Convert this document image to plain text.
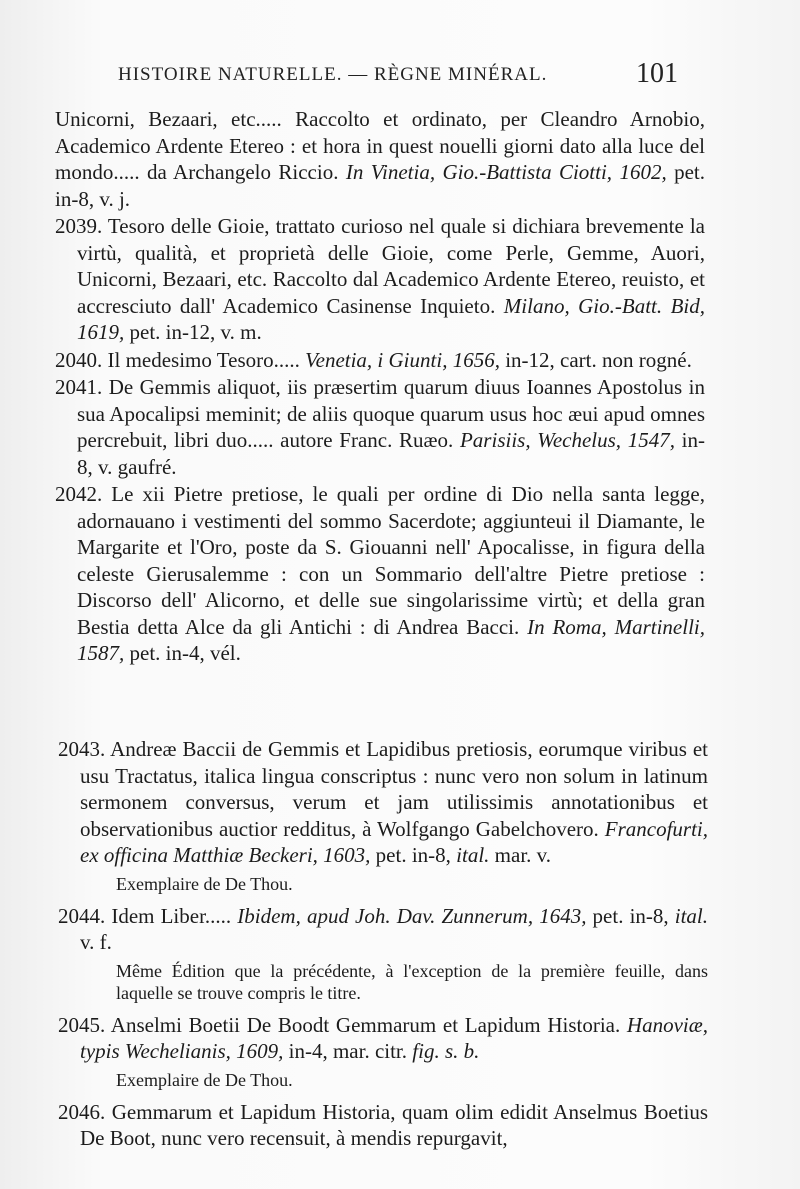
HISTOIRE NATURELLE. — RÈGNE MINÉRAL.	101

Unicorni, Bezaari, etc..... Raccolto et ordinato, per Cleandro Arnobio, Academico Ardente Etereo : et hora in quest nouelli giorni dato alla luce del mondo..... da Archangelo Riccio. In Vinetia, Gio.-Battista Ciotti, 1602, pet. in-8, v. j.

2039. Tesoro delle Gioie, trattato curioso nel quale si dichiara brevemente la virtù, qualità, et proprietà delle Gioie, come Perle, Gemme, Auori, Unicorni, Bezaari, etc. Raccolto dal Academico Ardente Etereo, reuisto, et accresciuto dall' Academico Casinense Inquieto. Milano, Gio.-Batt. Bid, 1619, pet. in-12, v. m.

2040. Il medesimo Tesoro..... Venetia, i Giunti, 1656, in-12, cart. non rogné.

2041. De Gemmis aliquot, iis præsertim quarum diuus Ioannes Apostolus in sua Apocalipsi meminit; de aliis quoque quarum usus hoc æui apud omnes percrebuit, libri duo..... autore Franc. Ruæo. Parisiis, Wechelus, 1547, in-8, v. gaufré.

2042. Le xii Pietre pretiose, le quali per ordine di Dio nella santa legge, adornauano i vestimenti del sommo Sacerdote; aggiunteui il Diamante, le Margarite et l'Oro, poste da S. Giouanni nell' Apocalisse, in figura della celeste Gierusalemme : con un Sommario dell'altre Pietre pretiose : Discorso dell' Alicorno, et delle sue singolarissime virtù; et della gran Bestia detta Alce da gli Antichi : di Andrea Bacci. In Roma, Martinelli, 1587, pet. in-4, vél.

2043. Andreæ Baccii de Gemmis et Lapidibus pretiosis, eorumque viribus et usu Tractatus, italica lingua conscriptus : nunc vero non solum in latinum sermonem conversus, verum et jam utilissimis annotationibus et observationibus auctior redditus, à Wolfgango Gabelchovero. Francofurti, ex officina Matthiæ Beckeri, 1603, pet. in-8, ital. mar. v.

Exemplaire de De Thou.

2044. Idem Liber..... Ibidem, apud Joh. Dav. Zunnerum, 1643, pet. in-8, ital. v. f.

Même Édition que la précédente, à l'exception de la première feuille, dans laquelle se trouve compris le titre.

2045. Anselmi Boetii De Boodt Gemmarum et Lapidum Historia. Hanoviæ, typis Wechelianis, 1609, in-4, mar. citr. fig. s. b.

Exemplaire de De Thou.

2046. Gemmarum et Lapidum Historia, quam olim edidit Anselmus Boetius De Boot, nunc vero recensuit, à mendis repurgavit,
